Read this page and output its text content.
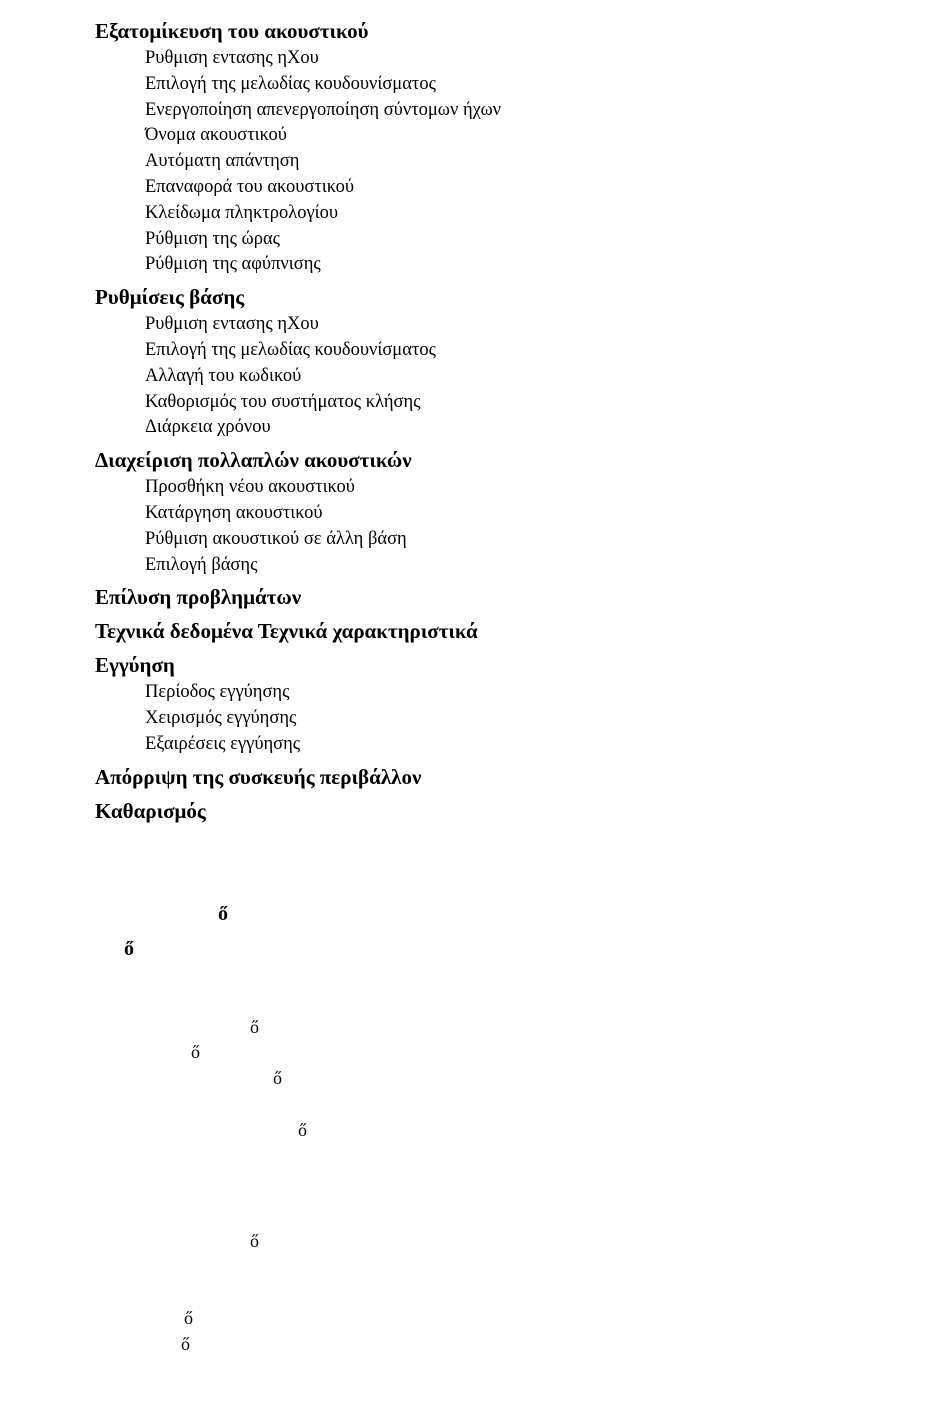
Εξατομίκευση του ακουστικού
Ρυθμιση εντασης ηΧου
Επιλογή της μελωδίας κουδουνίσματος
Ενεργοποίηση απενεργοποίηση σύντομων ήχων
Όνομα ακουστικού
Αυτόματη απάντηση
Επαναφορά του ακουστικού
Κλείδωμα πληκτρολογίου
Ρύθμιση της ώρας
Ρύθμιση της αφύπνισης
Ρυθμίσεις βάσης
Ρυθμιση εντασης ηΧου
Επιλογή της μελωδίας κουδουνίσματος
Αλλαγή του κωδικού
Καθορισμός του συστήματος κλήσης
Διάρκεια χρόνου
Διαχείριση πολλαπλών ακουστικών
Προσθήκη νέου ακουστικού
Κατάργηση ακουστικού
Ρύθμιση ακουστικού σε άλλη βάση
Επιλογή βάσης
Επίλυση προβλημάτων
Τεχνικά δεδομένα Τεχνικά χαρακτηριστικά
Εγγύηση
Περίοδος εγγύησης
Χειρισμός εγγύησης
Εξαιρέσεις εγγύησης
Απόρριψη της συσκευής περιβάλλον
Καθαρισμός
ő
ő
ő
ő
ő
ő
ő
ő
ő
